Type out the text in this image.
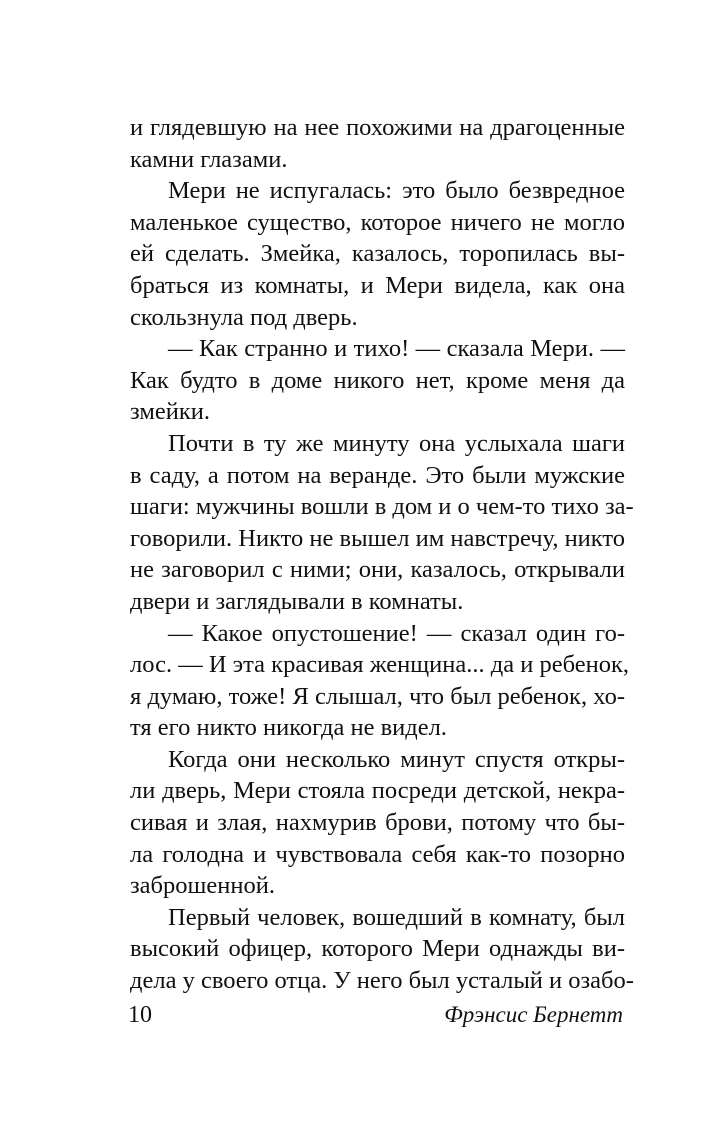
и глядевшую на нее похожими на драгоценные
камни глазами.
Мери не испугалась: это было безвредное
маленькое существо, которое ничего не могло
ей сделать. Змейка, казалось, торопилась вы-
браться из комнаты, и Мери видела, как она
скользнула под дверь.
— Как странно и тихо! — сказала Мери. —
Как будто в доме никого нет, кроме меня да
змейки.
Почти в ту же минуту она услыхала шаги
в саду, а потом на веранде. Это были мужские
шаги: мужчины вошли в дом и о чем-то тихо за-
говорили. Никто не вышел им навстречу, никто
не заговорил с ними; они, казалось, открывали
двери и заглядывали в комнаты.
— Какое опустошение! — сказал один го-
лос. — И эта красивая женщина... да и ребенок,
я думаю, тоже! Я слышал, что был ребенок, хо-
тя его никто никогда не видел.
Когда они несколько минут спустя откры-
ли дверь, Мери стояла посреди детской, некра-
сивая и злая, нахмурив брови, потому что бы-
ла голодна и чувствовала себя как-то позорно
заброшенной.
Первый человек, вошедший в комнату, был
высокий офицер, которого Мери однажды ви-
дела у своего отца. У него был усталый и озабо-
10	Фрэнсис Бернетт
